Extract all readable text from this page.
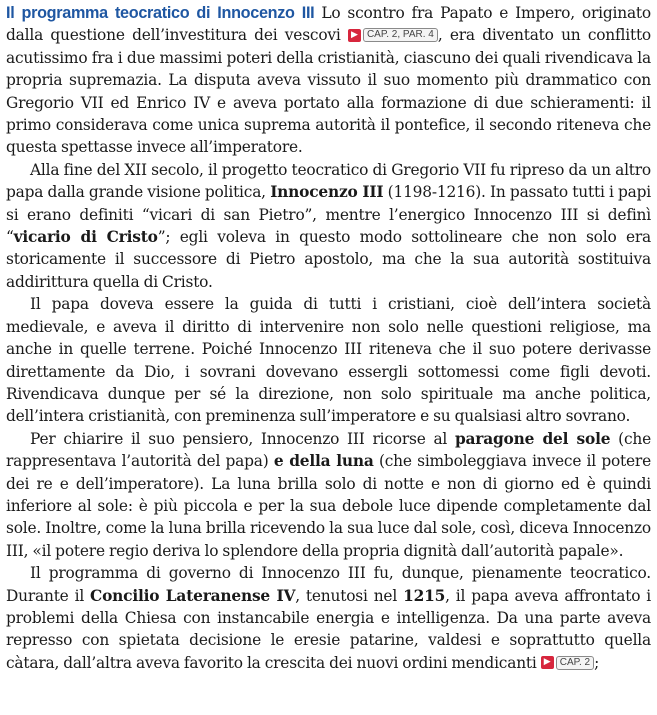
Il programma teocratico di Innocenzo III Lo scontro fra Papato e Impero, originato dalla questione dell’investitura dei vescovi ▶ CAP. 2, PAR. 4 , era diventato un conflitto acutissimo fra i due massimi poteri della cristianità, ciascuno dei quali rivendicava la propria supremazia. La disputa aveva vissuto il suo momento più drammatico con Gregorio VII ed Enrico IV e aveva portato alla formazione di due schieramenti: il primo considerava come unica suprema autorità il pontefice, il secondo riteneva che questa spettasse invece all’imperatore.

Alla fine del XII secolo, il progetto teocratico di Gregorio VII fu ripreso da un altro papa dalla grande visione politica, Innocenzo III (1198-1216). In passato tutti i papi si erano definiti “vicari di san Pietro”, mentre l’energico Innocenzo III si definì “vicario di Cristo”; egli voleva in questo modo sottolineare che non solo era storicamente il successore di Pietro apostolo, ma che la sua autorità sostituiva addirittura quella di Cristo.

Il papa doveva essere la guida di tutti i cristiani, cioè dell’intera società medievale, e aveva il diritto di intervenire non solo nelle questioni religiose, ma anche in quelle terrene. Poiché Innocenzo III riteneva che il suo potere derivasse direttamente da Dio, i sovrani dovevano essergli sottomessi come figli devoti. Rivendicava dunque per sé la direzione, non solo spirituale ma anche politica, dell’intera cristianità, con preminenza sull’imperatore e su qualsiasi altro sovrano.

Per chiarire il suo pensiero, Innocenzo III ricorse al paragone del sole (che rappresentava l’autorità del papa) e della luna (che simboleggiava invece il potere dei re e dell’imperatore). La luna brilla solo di notte e non di giorno ed è quindi inferiore al sole: è più piccola e per la sua debole luce dipende completamente dal sole. Inoltre, come la luna brilla ricevendo la sua luce dal sole, così, diceva Innocenzo III, «il potere regio deriva lo splendore della propria dignità dall’autorità papale».

Il programma di governo di Innocenzo III fu, dunque, pienamente teocratico. Durante il Concilio Lateranense IV, tenutosi nel 1215, il papa aveva affrontato i problemi della Chiesa con instancabile energia e intelligenza. Da una parte aveva represso con spietata decisione le eresie patarine, valdesi e soprattutto quella càtara, dall’altra aveva favorito la crescita dei nuovi ordini mendicanti ▶ CAP. 2 ;
